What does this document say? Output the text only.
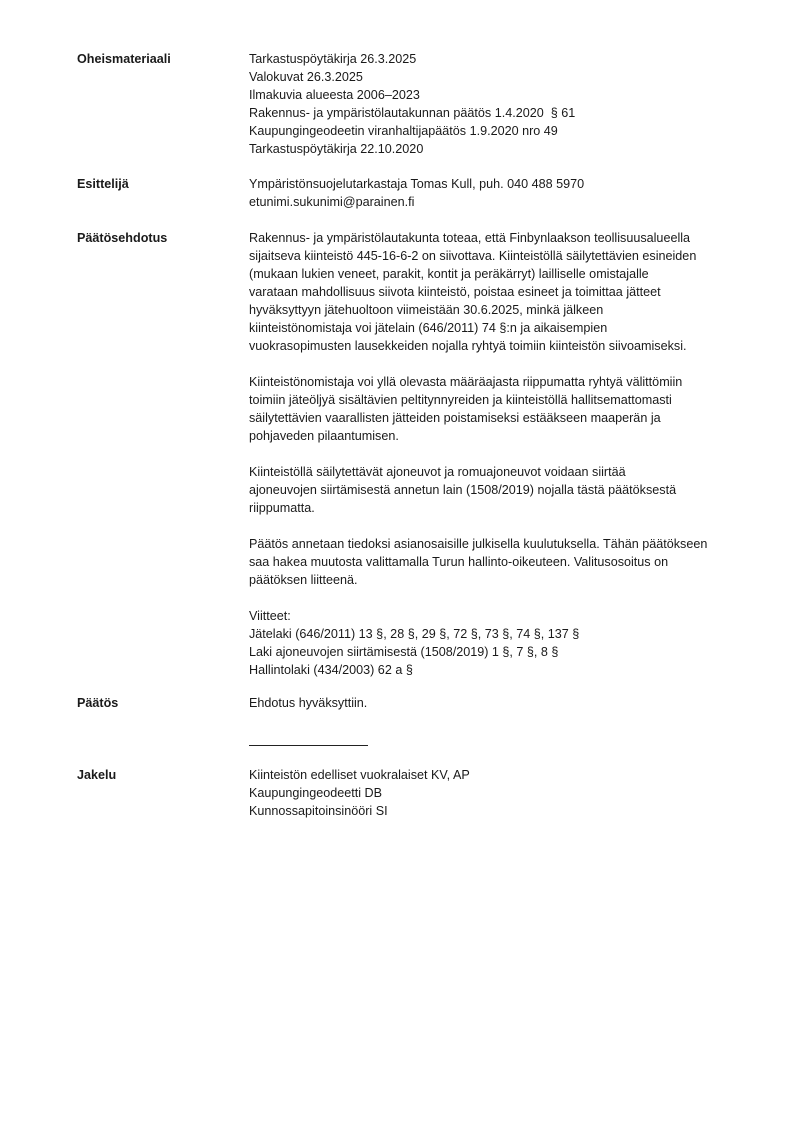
Oheismateriaali	Tarkastuspöytäkirja 26.3.2025
Valokuvat 26.3.2025
Ilmakuvia alueesta 2006–2023
Rakennus- ja ympäristölautakunnan päätös 1.4.2020  § 61
Kaupungingeodeetin viranhaltijapäätös 1.9.2020 nro 49
Tarkastuspöytäkirja 22.10.2020
Esittelijä	Ympäristönsuojelutarkastaja Tomas Kull, puh. 040 488 5970
etunimi.sukunimi@parainen.fi
Päätösehdotus	Rakennus- ja ympäristölautakunta toteaa, että Finbynlaakson teollisuusalueella
sijaitseva kiinteistö 445-16-6-2 on siivottava. Kiinteistöllä säilytettävien esineiden
(mukaan lukien veneet, parakit, kontit ja peräkärryt) lailliselle omistajalle
varataan mahdollisuus siivota kiinteistö, poistaa esineet ja toimittaa jätteet
hyväksyttyyn jätehuoltoon viimeistään 30.6.2025, minkä jälkeen
kiinteistönomistaja voi jätelain (646/2011) 74 §:n ja aikaisempien
vuokrasopimusten lausekkeiden nojalla ryhtyä toimiin kiinteistön siivoamiseksi.
Kiinteistönomistaja voi yllä olevasta määräajasta riippumatta ryhtyä välittömiin
toimiin jäteöljyä sisältävien peltitynnyreiden ja kiinteistöllä hallitsemattomasti
säilytettävien vaarallisten jätteiden poistamiseksi estääkseen maaperän ja
pohjaveden pilaantumisen.
Kiinteistöllä säilytettävät ajoneuvot ja romuajoneuvot voidaan siirtää
ajoneuvojen siirtämisestä annetun lain (1508/2019) nojalla tästä päätöksestä
riippumatta.
Päätös annetaan tiedoksi asianosaisille julkisella kuulutuksella. Tähän päätökseen
saa hakea muutosta valittamalla Turun hallinto-oikeuteen. Valitusosoitus on
päätöksen liitteenä.
Viitteet:
Jätelaki (646/2011) 13 §, 28 §, 29 §, 72 §, 73 §, 74 §, 137 §
Laki ajoneuvojen siirtämisestä (1508/2019) 1 §, 7 §, 8 §
Hallintolaki (434/2003) 62 a §
Päätös	Ehdotus hyväksyttiin.
Jakelu	Kiinteistön edelliset vuokralaiset KV, AP
Kaupungingeodeetti DB
Kunnossapitoinsinööri SI
